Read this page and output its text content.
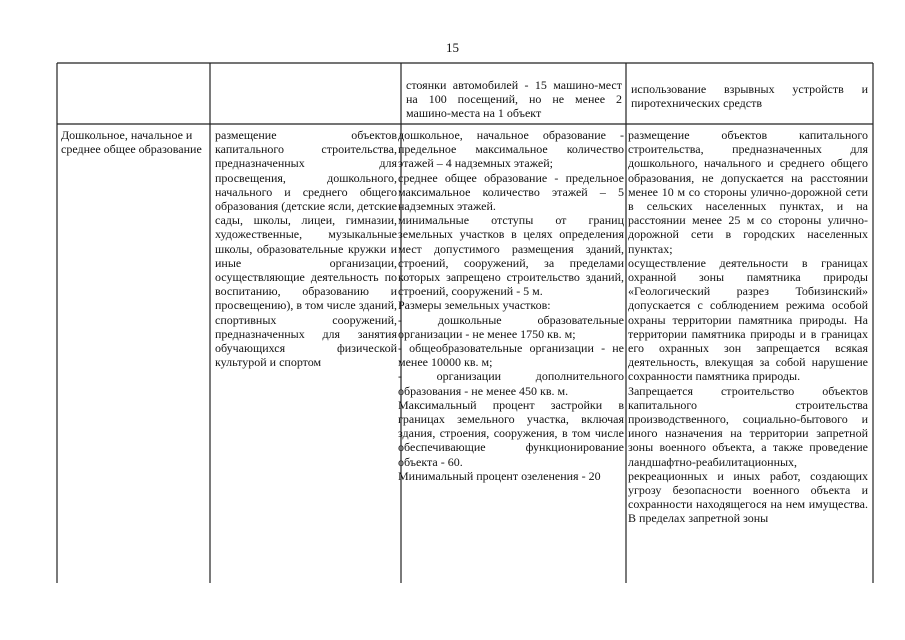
15

стоянки автомобилей - 15 машино-мест на 100 посещений, но не менее 2 машино-места на 1 объект

использование взрывных устройств и пиротехнических средств

Дошкольное, начальное и среднее общее образование

размещение объектов капитального строительства, предназначенных для просвещения, дошкольного, начального и среднего общего образования (детские ясли, детские сады, школы, лицеи, гимназии, художественные, музыкальные школы, образовательные кружки и иные организации, осуществляющие деятельность по воспитанию, образованию и просвещению), в том числе зданий, спортивных сооружений, предназначенных для занятия обучающихся физической культурой и спортом

дошкольное, начальное образование - предельное максимальное количество этажей – 4 надземных этажей;

среднее общее образование - предельное максимальное количество этажей – 5 надземных этажей.

минимальные отступы от границ земельных участков в целях определения мест допустимого размещения зданий, строений, сооружений, за пределами которых запрещено строительство зданий, строений, сооружений - 5 м.

Размеры земельных участков:

- дошкольные образовательные организации - не менее 1750 кв. м;

- общеобразовательные организации - не менее 10000 кв. м;

- организации дополнительного образования - не менее 450 кв. м.

Максимальный процент застройки в границах земельного участка, включая здания, строения, сооружения, в том числе обеспечивающие функционирование объекта - 60.

Минимальный процент озеленения - 20

размещение объектов капитального строительства, предназначенных для дошкольного, начального и среднего общего образования, не допускается на расстоянии менее 10 м со стороны улично-дорожной сети в сельских населенных пунктах, и на расстоянии менее 25 м со стороны улично-дорожной сети в городских населенных пунктах;

осуществление деятельности в границах охранной зоны памятника природы «Геологический разрез Тобизинский» допускается с соблюдением режима особой охраны территории памятника природы. На территории памятника природы и в границах его охранных зон запрещается всякая деятельность, влекущая за собой нарушение сохранности памятника природы.

Запрещается строительство объектов капитального строительства производственного, социально-бытового и иного назначения на территории запретной зоны военного объекта, а также проведение ландшафтно-реабилитационных, рекреационных и иных работ, создающих угрозу безопасности военного объекта и сохранности находящегося на нем имущества. В пределах запретной зоны
